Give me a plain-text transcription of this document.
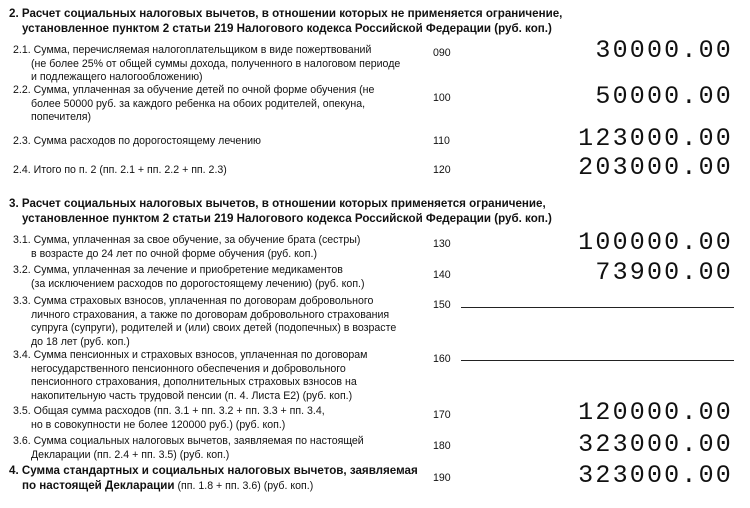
2. Расчет социальных налоговых вычетов, в отношении которых не применяется ограничение,
установленное пунктом 2 статьи 219 Налогового кодекса Российской Федерации (руб. коп.)
2.1. Сумма, перечисляемая налогоплательщиком в виде пожертвований
(не более 25% от общей суммы дохода, полученного в налоговом периоде
и подлежащего налогообложению)
090	30000.00
2.2. Сумма, уплаченная за обучение детей по очной форме обучения (не
более 50000 руб. за каждого ребенка на обоих родителей, опекуна,
попечителя)
100	50000.00
2.3. Сумма расходов по дорогостоящему лечению	110	123000.00
2.4. Итого по п. 2 (пп. 2.1 + пп. 2.2 + пп. 2.3)	120	203000.00
3. Расчет социальных налоговых вычетов, в отношении которых применяется ограничение,
установленное пунктом 2 статьи 219 Налогового кодекса Российской Федерации (руб. коп.)
3.1. Сумма, уплаченная за свое обучение, за обучение брата (сестры)
в возрасте до 24 лет по очной форме обучения (руб. коп.)
130	100000.00
3.2. Сумма, уплаченная за лечение и приобретение медикаментов
(за исключением расходов по дорогостоящему лечению) (руб. коп.)
140	73900.00
3.3. Сумма страховых взносов, уплаченная по договорам добровольного
личного страхования, а также по договорам добровольного страхования
супруга (супруги), родителей и (или) своих детей (подопечных) в возрасте
до 18 лет (руб. коп.)
150
3.4. Сумма пенсионных и страховых взносов, уплаченная по договорам
негосударственного пенсионного обеспечения и добровольного
пенсионного страхования, дополнительных страховых взносов на
накопительную часть трудовой пенсии (п. 4. Листа Е2) (руб. коп.)
160
3.5. Общая сумма расходов (пп. 3.1 + пп. 3.2 + пп. 3.3 + пп. 3.4,
но в совокупности не более 120000 руб.) (руб. коп.)
170	120000.00
3.6. Сумма социальных налоговых вычетов, заявляемая по настоящей
Декларации (пп. 2.4 + пп. 3.5) (руб. коп.)
180	323000.00
4. Сумма стандартных и социальных налоговых вычетов, заявляемая
по настоящей Декларации (пп. 1.8 + пп. 3.6) (руб. коп.)
190	323000.00
